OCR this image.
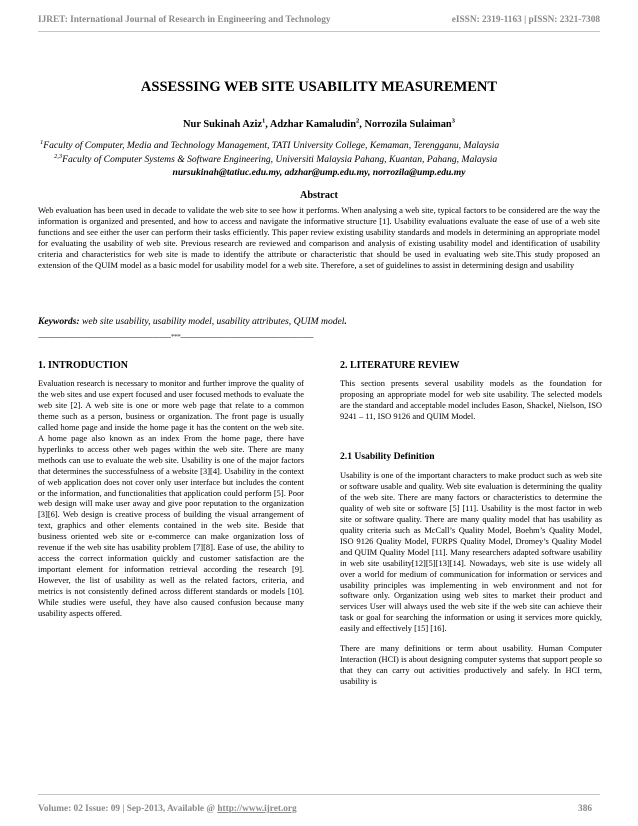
IJRET: International Journal of Research in Engineering and Technology	eISSN: 2319-1163 | pISSN: 2321-7308
ASSESSING WEB SITE USABILITY MEASUREMENT
Nur Sukinah Aziz$^1$, Adzhar Kamaludin$^2$, Norrozila Sulaiman$^3$
$^1$Faculty of Computer, Media and Technology Management, TATI University College, Kemaman, Terengganu, Malaysia
$^{2,3}$Faculty of Computer Systems & Software Engineering, Universiti Malaysia Pahang, Kuantan, Pahang, Malaysia
nursukinah@tatiuc.edu.my, adzhar@ump.edu.my, norrozila@ump.edu.my
Abstract
Web evaluation has been used in decade to validate the web site to see how it performs. When analysing a web site, typical factors to be considered are the way the information is organized and presented, and how to access and navigate the informative structure [1]. Usability evaluations evaluate the ease of use of a web site functions and see either the user can perform their tasks efficiently. This paper review existing usability standards and models in determining an appropriate model for evaluating the usability of web site. Previous research are reviewed and comparison and analysis of existing usability model and identification of usability criteria and characteristics for web site is made to identify the attribute or characteristic that should be used in evaluating web site.This study proposed an extension of the QUIM model as a basic model for usability model for a web site. Therefore, a set of guidelines to assist in determining design and usability
Keywords: web site usability, usability model, usability attributes, QUIM model.
----------------------------------------------------------------------***----------------------------------------------------------------------
1. INTRODUCTION

Evaluation research is necessary to monitor and further improve the quality of the web sites and use expert focused and user focused methods to evaluate the web site [2]. A web site is one or more web page that relate to a common theme such as a person, business or organization. The front page is usually called home page and inside the home page it has the content on the web site. A home page also known as an index From the home page, there have hyperlinks to access other web pages within the web site. There are many methods can use to evaluate the web site. Usability is one of the major factors that determines the successfulness of a website [3][4]. Usability in the context of web application does not cover only user interface but includes the content or the information, and functionalities that application could perform [5]. Poor web design will make user away and give poor reputation to the organization [3][6]. Web design is creative process of building the visual arrangement of text, graphics and other elements contained in the web site. Beside that business oriented web site or e-commerce can make organization loss of revenue if the web site has usability problem [7][8]. Ease of use, the ability to access the correct information quickly and customer satisfaction are the important element for information retrieval according the research [9]. However, the list of usability as well as the related factors, criteria, and metrics is not consistently defined across different standards or models [10]. While studies were useful, they have also caused confusion because many usability aspects offered.

2. LITERATURE REVIEW

This section presents several usability models as the foundation for proposing an appropriate model for web site usability. The selected models are the standard and acceptable model includes Eason, Shackel, Nielson, ISO 9241 – 11, ISO 9126 and QUIM Model.

2.1 Usability Definition

Usability is one of the important characters to make product such as web site or software usable and quality. Web site evaluation is determining the quality of the web site. There are many factors or characteristics to determine the quality of web site or software [5] [11]. Usability is the most factor in web site or software quality. There are many quality model that has usability as quality criteria such as McCall’s Quality Model, Boehm’s Quality Model, ISO 9126 Quality Model, FURPS Quality Model, Dromey’s Quality Model and QUIM Quality Model [11]. Many researchers adapted software usability in web site usability[12][5][13][14]. Nowadays, web site is use widely all over a world for medium of communication for information or services and usability principles was implementing in web environment and not for software only. Organization using web sites to market their product and services User will always used the web site if the web site can achieve their task or goal for searching the information or using it services more quickly, easily and effectively [15] [16].

There are many definitions or term about usability. Human Computer Interaction (HCI) is about designing computer systems that support people so that they can carry out activities productively and safely. In HCI term, usability is

Volume: 02 Issue: 09 | Sep-2013, Available @ http://www.ijret.org	386
